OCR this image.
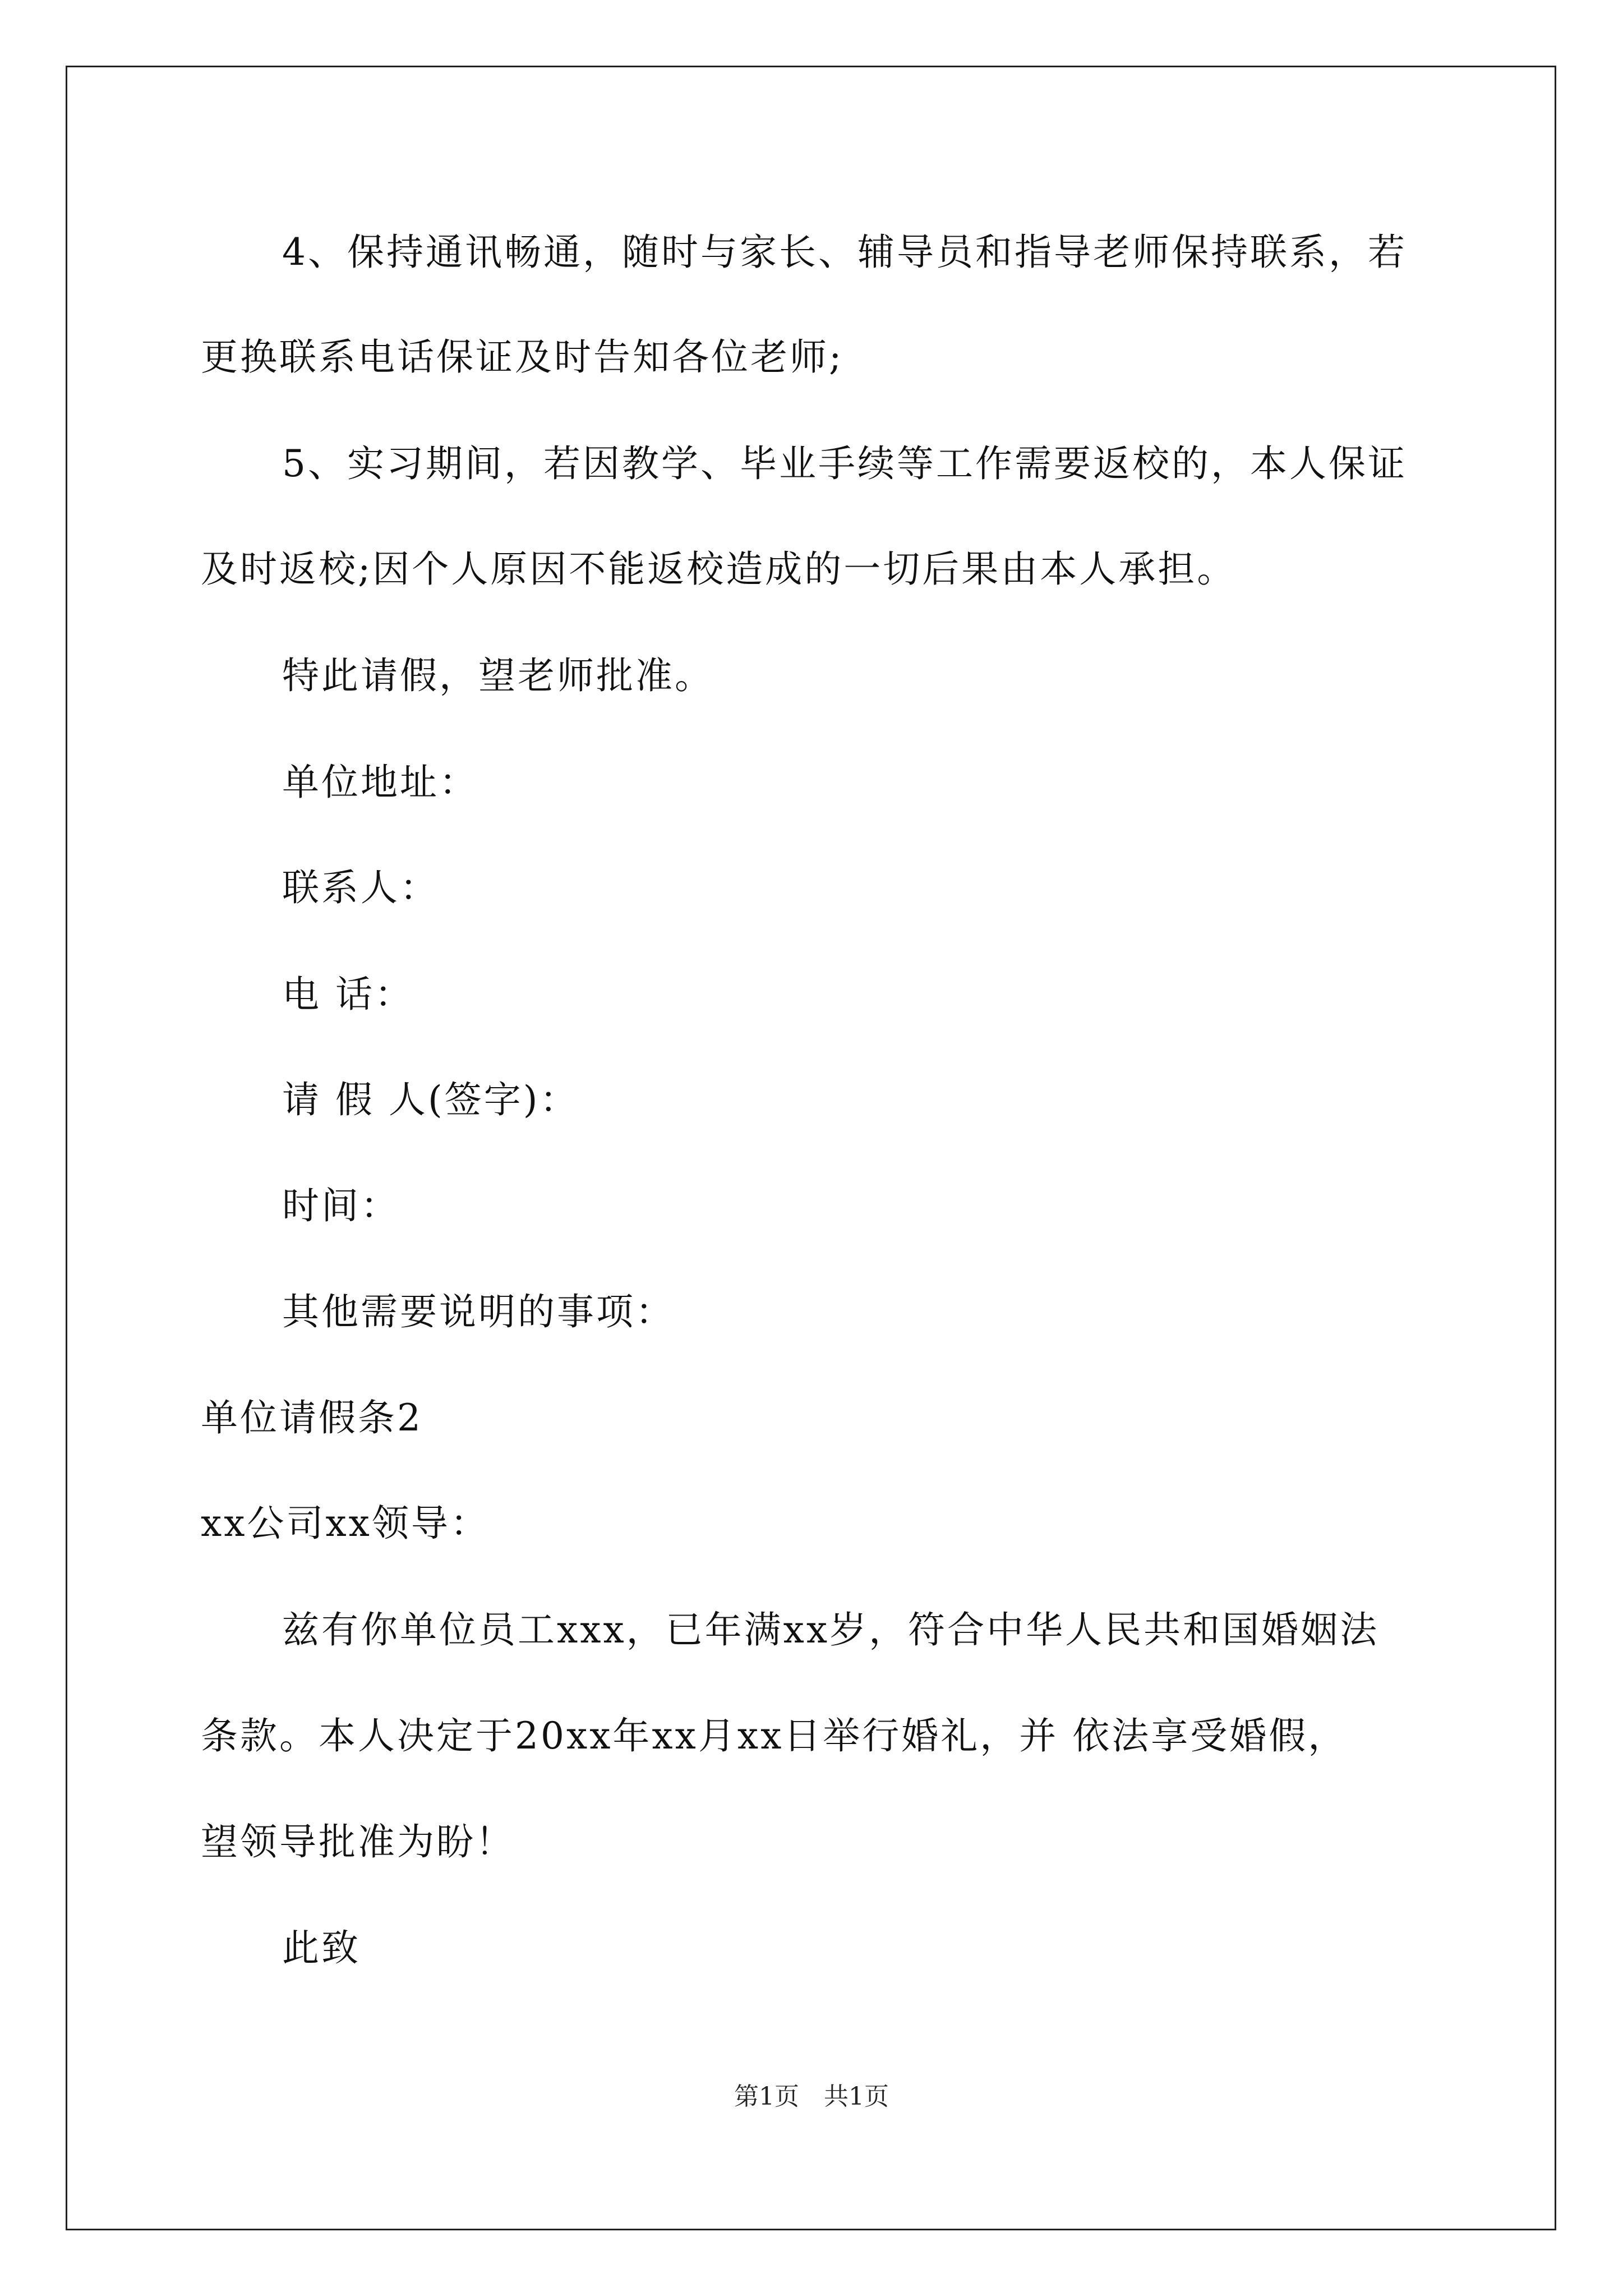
4、保持通讯畅通，随时与家长、辅导员和指导老师保持联系，若
更换联系电话保证及时告知各位老师;
5、实习期间，若因教学、毕业手续等工作需要返校的，本人保证
及时返校;因个人原因不能返校造成的一切后果由本人承担。
特此请假，望老师批准。
单位地址：
联系人：
电 话：
请 假 人(签字)：
时间：
其他需要说明的事项：
单位请假条2
xx公司xx领导：
兹有你单位员工xxx，已年满xx岁，符合中华人民共和国婚姻法
条款。本人决定于20xx年xx月xx日举行婚礼，并 依法享受婚假，
望领导批准为盼！
此致
第1页　共1页
